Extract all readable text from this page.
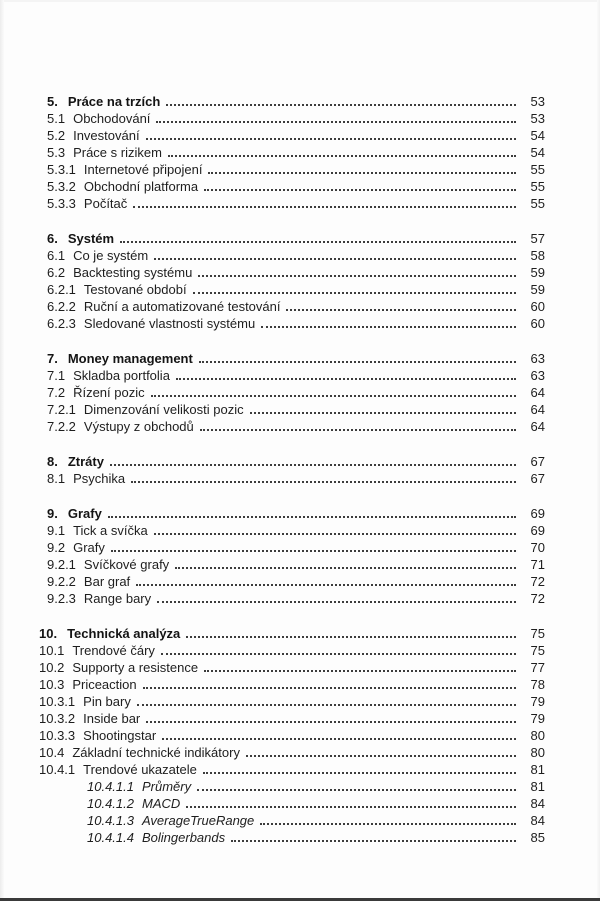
5. Práce na trzích	53
5.1 Obchodování	53
5.2 Investování	54
5.3 Práce s rizikem	54
5.3.1 Internetové připojení	55
5.3.2 Obchodní platforma	55
5.3.3 Počítač	55
6. Systém	57
6.1 Co je systém	58
6.2 Backtesting systému	59
6.2.1 Testované období	59
6.2.2 Ruční a automatizované testování	60
6.2.3 Sledované vlastnosti systému	60
7. Money management	63
7.1 Skladba portfolia	63
7.2 Řízení pozic	64
7.2.1 Dimenzování velikosti pozic	64
7.2.2 Výstupy z obchodů	64
8. Ztráty	67
8.1 Psychika	67
9. Grafy	69
9.1 Tick a svíčka	69
9.2 Grafy	70
9.2.1 Svíčkové grafy	71
9.2.2 Bar graf	72
9.2.3 Range bary	72
10. Technická analýza	75
10.1 Trendové čáry	75
10.2 Supporty a resistence	77
10.3 Priceaction	78
10.3.1 Pin bary	79
10.3.2 Inside bar	79
10.3.3 Shootingstar	80
10.4 Základní technické indikátory	80
10.4.1 Trendové ukazatele	81
10.4.1.1 Průměry	81
10.4.1.2 MACD	84
10.4.1.3 AverageTrueRange	84
10.4.1.4 Bolingerbands	85
